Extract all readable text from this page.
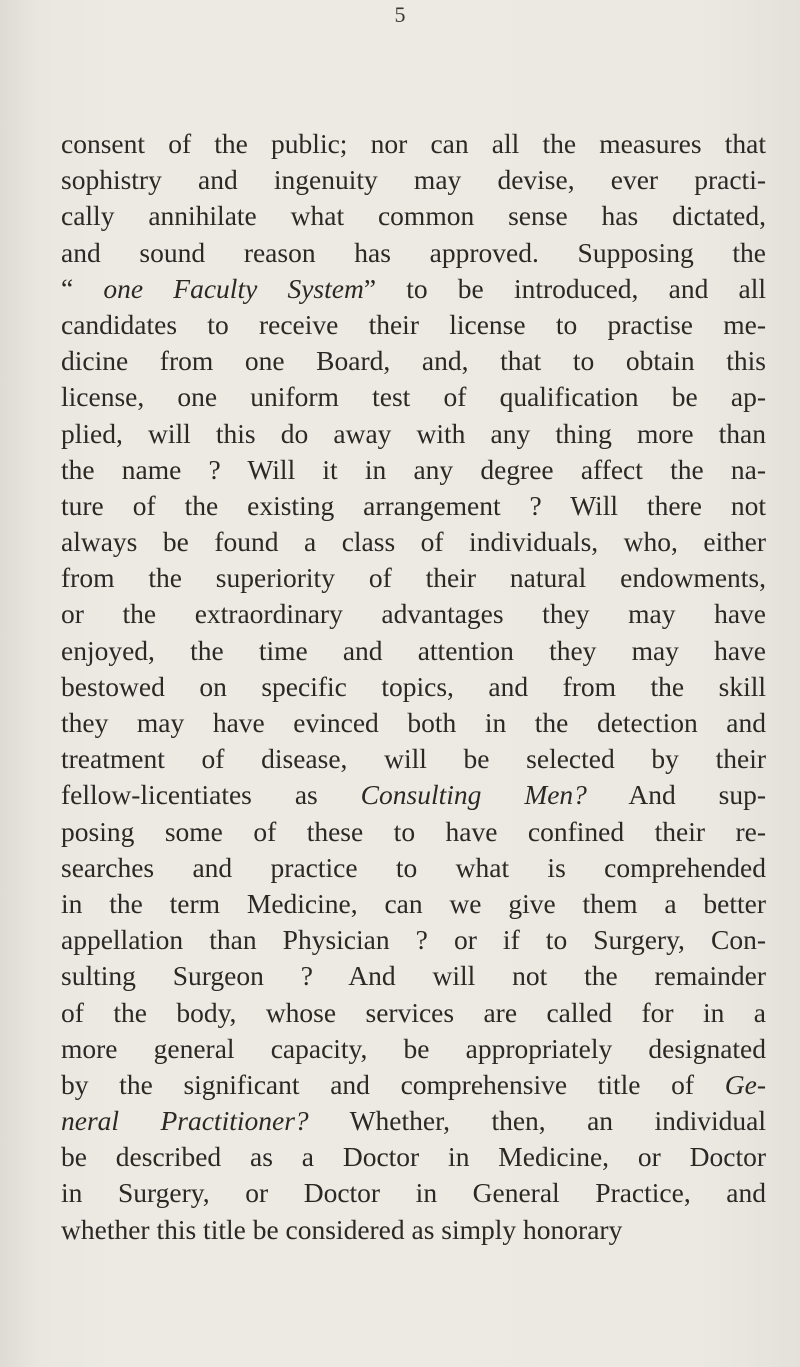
5
consent of the public; nor can all the measures that
sophistry and ingenuity may devise, ever practi-
cally annihilate what common sense has dictated,
and sound reason has approved. Supposing the
“ one Faculty System” to be introduced, and all
candidates to receive their license to practise me-
dicine from one Board, and, that to obtain this
license, one uniform test of qualification be ap-
plied, will this do away with any thing more than
the name ? Will it in any degree affect the na-
ture of the existing arrangement ? Will there not
always be found a class of individuals, who, either
from the superiority of their natural endowments,
or the extraordinary advantages they may have
enjoyed, the time and attention they may have
bestowed on specific topics, and from the skill
they may have evinced both in the detection and
treatment of disease, will be selected by their
fellow-licentiates as Consulting Men? And sup-
posing some of these to have confined their re-
searches and practice to what is comprehended
in the term Medicine, can we give them a better
appellation than Physician ? or if to Surgery, Con-
sulting Surgeon ? And will not the remainder
of the body, whose services are called for in a
more general capacity, be appropriately designated
by the significant and comprehensive title of Ge-
neral Practitioner? Whether, then, an individual
be described as a Doctor in Medicine, or Doctor
in Surgery, or Doctor in General Practice, and
whether this title be considered as simply honorary
